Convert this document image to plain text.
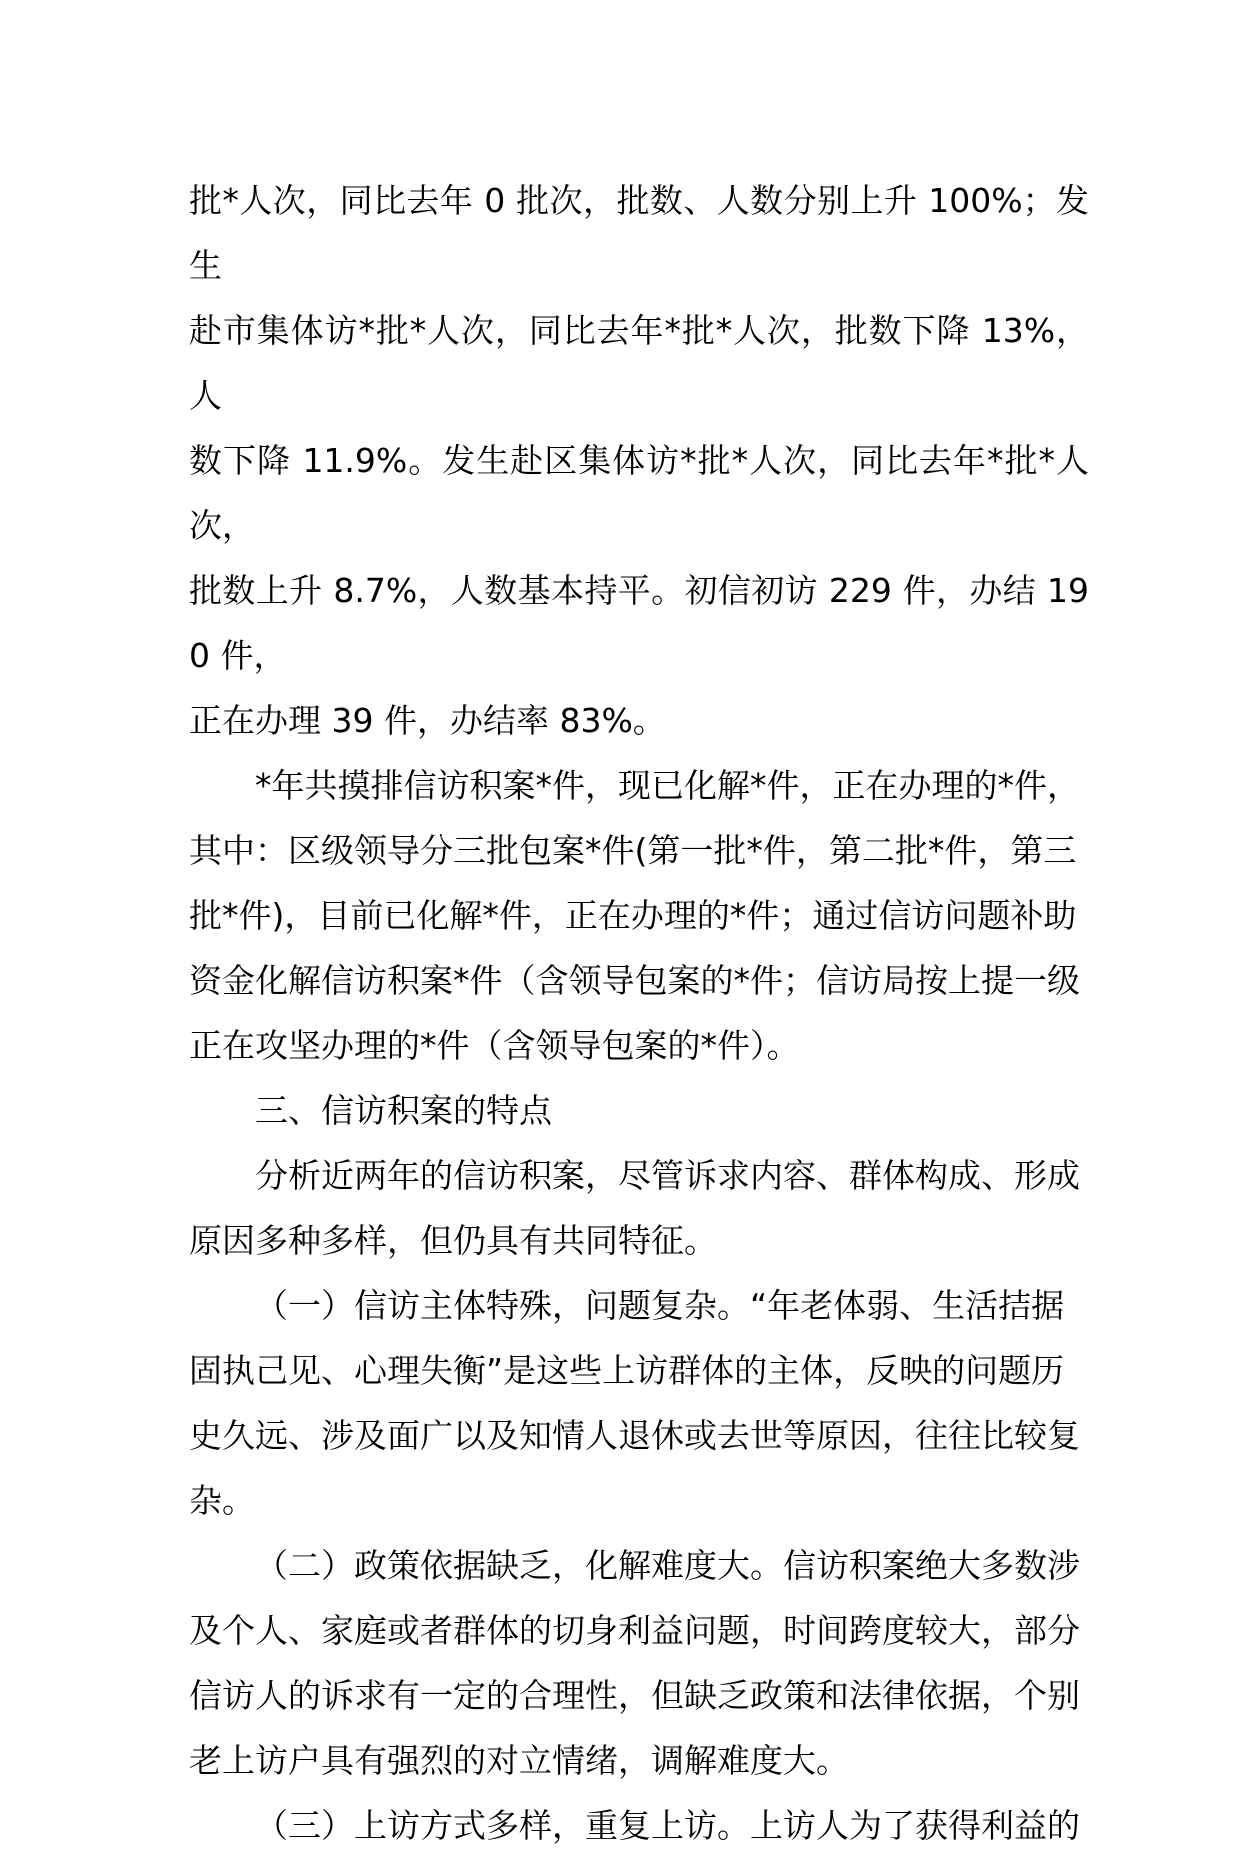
批*人次，同比去年 0 批次，批数、人数分别上升 100%；发生
赴市集体访*批*人次，同比去年*批*人次，批数下降 13%，人
数下降 11.9%。发生赴区集体访*批*人次，同比去年*批*人次，
批数上升 8.7%，人数基本持平。初信初访 229 件，办结 190 件，
正在办理 39 件，办结率 83%。
*年共摸排信访积案*件，现已化解*件，正在办理的*件，
其中：区级领导分三批包案*件(第一批*件，第二批*件，第三
批*件)，目前已化解*件，正在办理的*件；通过信访问题补助
资金化解信访积案*件（含领导包案的*件；信访局按上提一级
正在攻坚办理的*件（含领导包案的*件）。
三、信访积案的特点
分析近两年的信访积案，尽管诉求内容、群体构成、形成
原因多种多样，但仍具有共同特征。
（一）信访主体特殊，问题复杂。“年老体弱、生活拮据
固执己见、心理失衡”是这些上访群体的主体，反映的问题历
史久远、涉及面广以及知情人退休或去世等原因，往往比较复
杂。
（二）政策依据缺乏，化解难度大。信访积案绝大多数涉
及个人、家庭或者群体的切身利益问题，时间跨度较大，部分
信访人的诉求有一定的合理性，但缺乏政策和法律依据，个别
老上访户具有强烈的对立情绪，调解难度大。
（三）上访方式多样，重复上访。上访人为了获得利益的
